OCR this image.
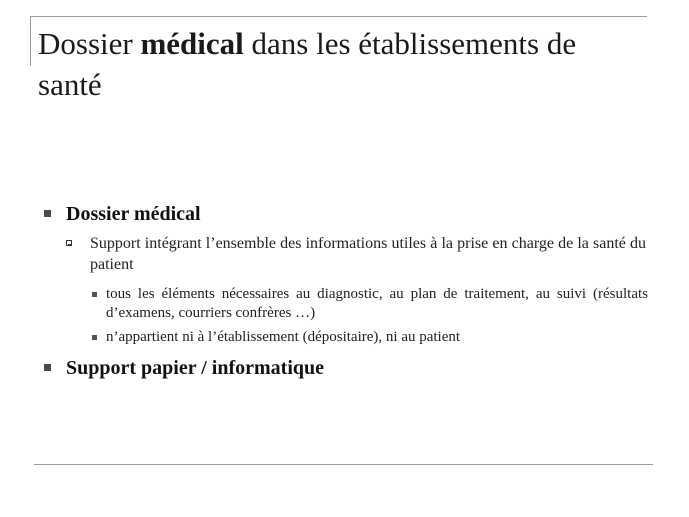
Dossier médical dans les établissements de santé
Dossier médical
Support intégrant l’ensemble des informations utiles à la prise en charge de la santé du patient
tous les éléments nécessaires au diagnostic, au plan de traitement, au suivi (résultats d’examens, courriers confrères …)
n’appartient ni à l’établissement (dépositaire), ni au patient
Support papier / informatique
